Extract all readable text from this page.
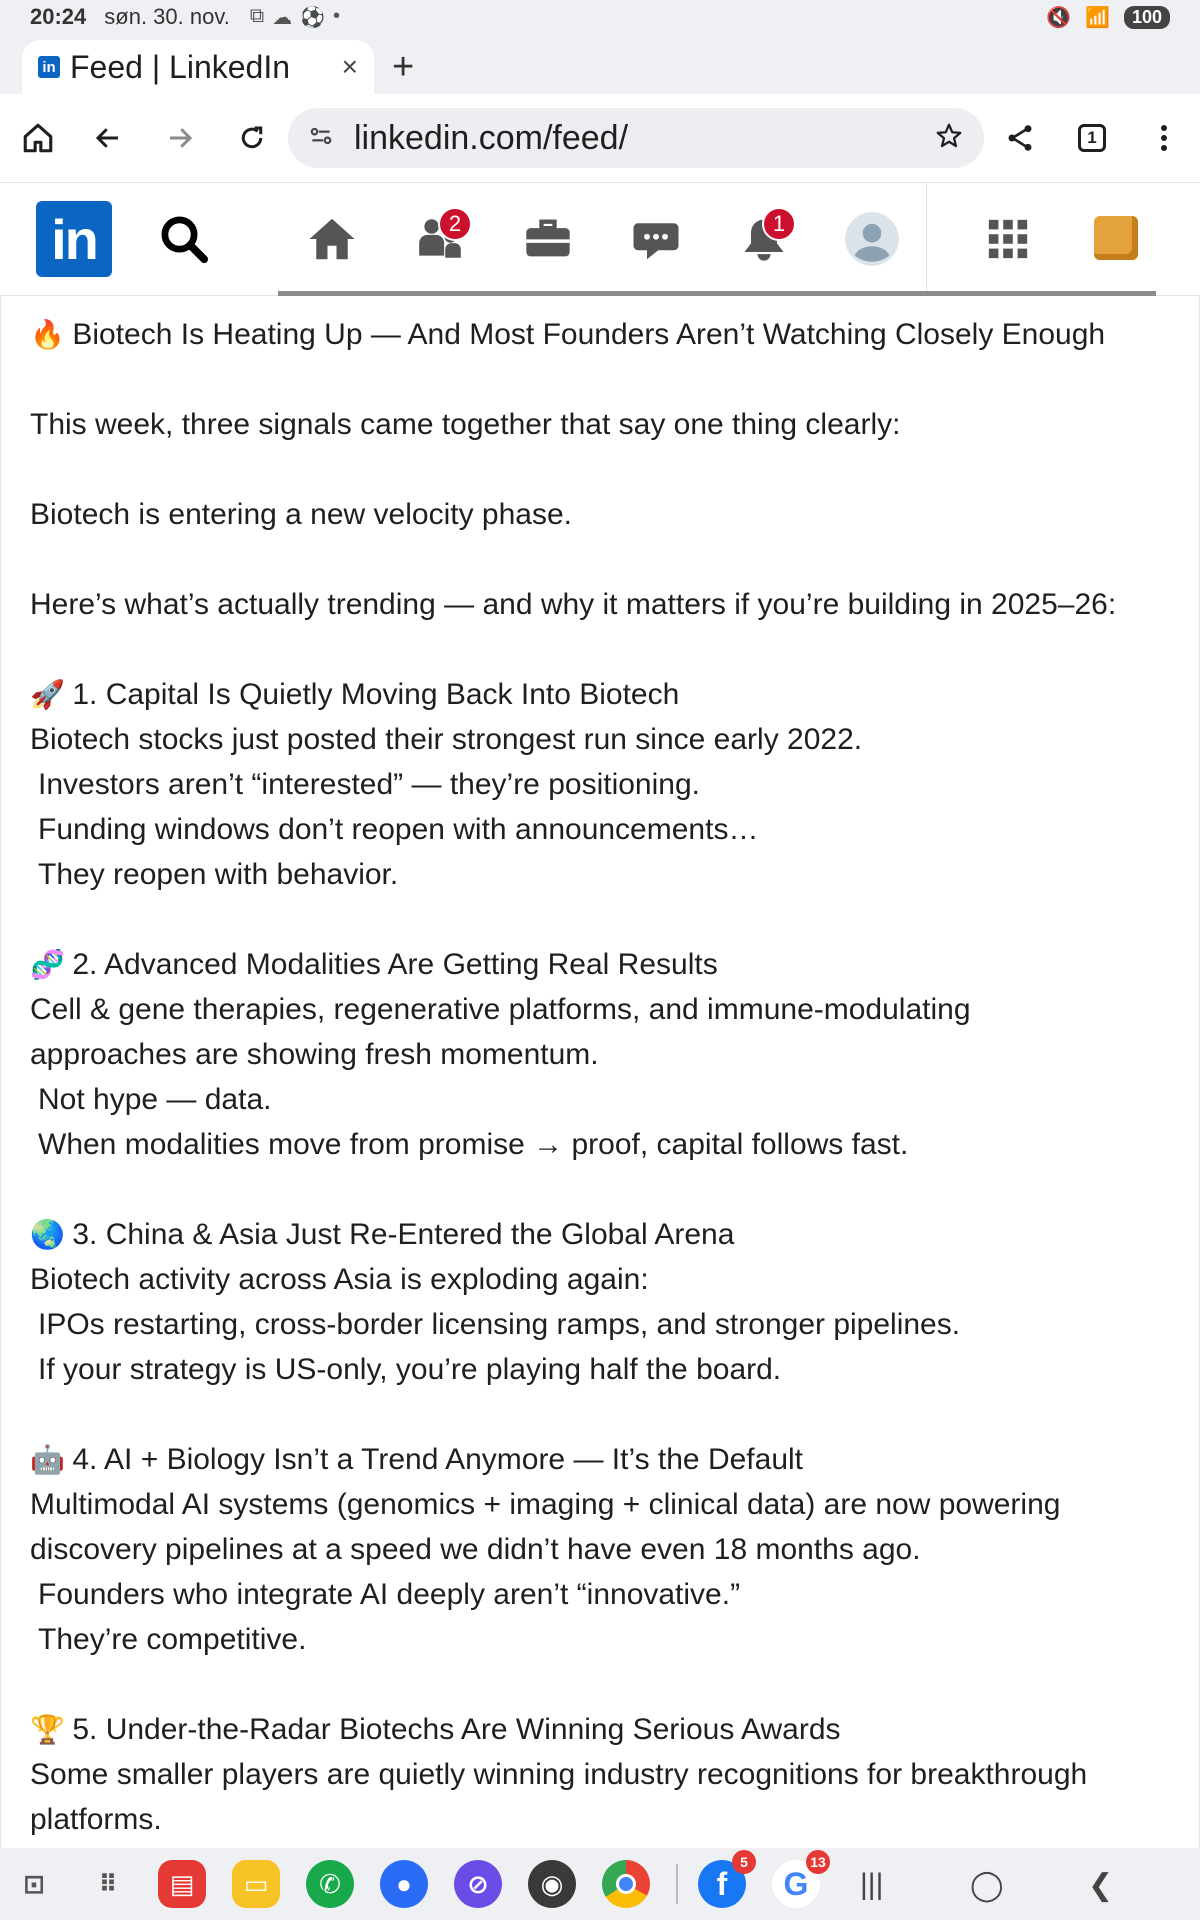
20:24 søn. 30. nov. ⧉ ☁ ⚽ •	🔇 📶	100
in Feed | LinkedIn	× +
linkedin.com/feed/	1
in	2	1

🔥 Biotech Is Heating Up — And Most Founders Aren’t Watching Closely Enough

This week, three signals came together that say one thing clearly:

Biotech is entering a new velocity phase.

Here’s what’s actually trending — and why it matters if you’re building in 2025–26:

🚀 1. Capital Is Quietly Moving Back Into Biotech

Biotech stocks just posted their strongest run since early 2022.

Investors aren’t “interested” — they’re positioning.

Funding windows don’t reopen with announcements…

They reopen with behavior.

🧬 2. Advanced Modalities Are Getting Real Results

Cell & gene therapies, regenerative platforms, and immune-modulating

approaches are showing fresh momentum.

Not hype — data.

When modalities move from promise → proof, capital follows fast.

🌏 3. China & Asia Just Re-Entered the Global Arena

Biotech activity across Asia is exploding again:

IPOs restarting, cross-border licensing ramps, and stronger pipelines.

If your strategy is US-only, you’re playing half the board.

🤖 4. AI + Biology Isn’t a Trend Anymore — It’s the Default

Multimodal AI systems (genomics + imaging + clinical data) are now powering

discovery pipelines at a speed we didn’t have even 18 months ago.

Founders who integrate AI deeply aren’t “innovative.”

They’re competitive.

🏆 5. Under-the-Radar Biotechs Are Winning Serious Awards

Some smaller players are quietly winning industry recognitions for breakthrough

platforms.

⊡	⠿	▤	▭	✆	●	⊘	◉	f
5
G
13
|||	◯	❮
